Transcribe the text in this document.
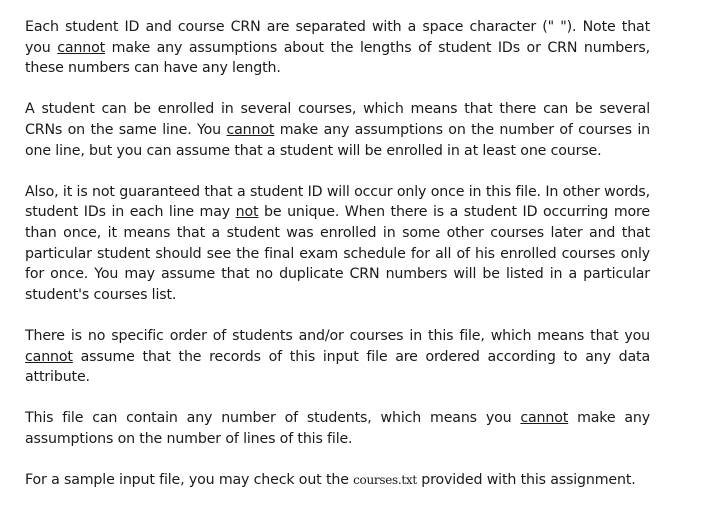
Each student ID and course CRN are separated with a space character (" "). Note that you cannot make any assumptions about the lengths of student IDs or CRN numbers, these numbers can have any length.

A student can be enrolled in several courses, which means that there can be several CRNs on the same line. You cannot make any assumptions on the number of courses in one line, but you can assume that a student will be enrolled in at least one course.

Also, it is not guaranteed that a student ID will occur only once in this file. In other words, student IDs in each line may not be unique. When there is a student ID occurring more than once, it means that a student was enrolled in some other courses later and that particular student should see the final exam schedule for all of his enrolled courses only for once. You may assume that no duplicate CRN numbers will be listed in a particular student's courses list.

There is no specific order of students and/or courses in this file, which means that you cannot assume that the records of this input file are ordered according to any data attribute.

This file can contain any number of students, which means you cannot make any assumptions on the number of lines of this file.

For a sample input file, you may check out the courses.txt provided with this assignment.
